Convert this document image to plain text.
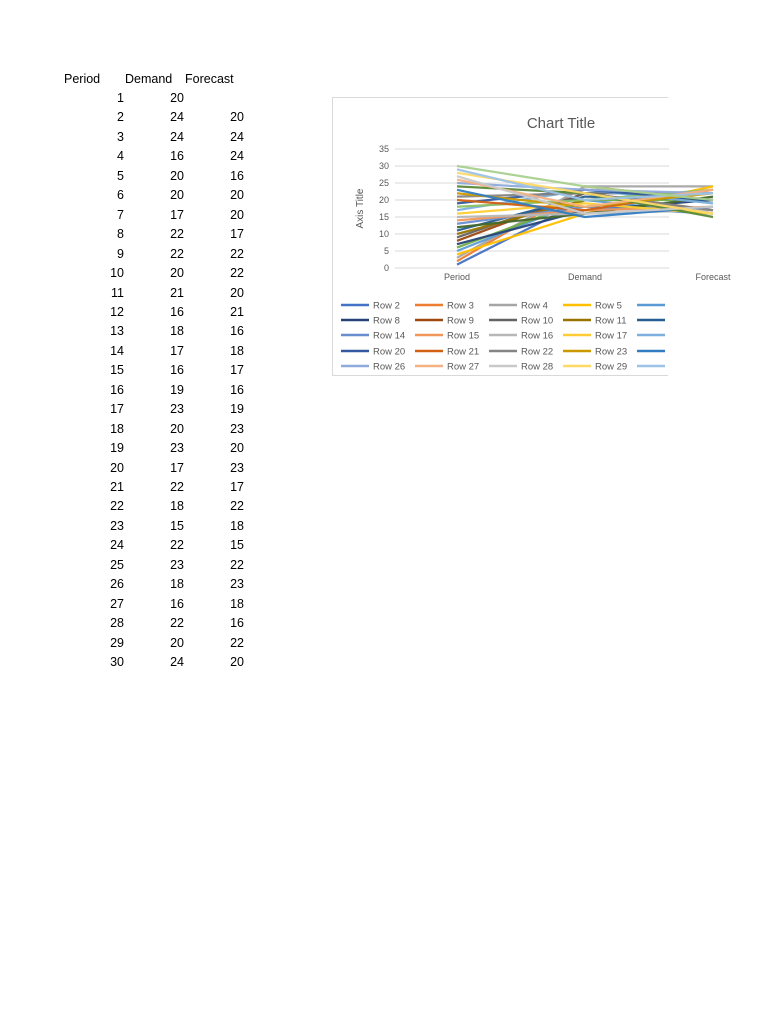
Period Demand Forecast
1	20
2	24	20
3	24	24
4	16	24
5	20	16
6	20	20
7	17	20
8	22	17
9	22	22
10	20	22
11	21	20
12	16	21
13	18	16
14	17	18
15	16	17
16	19	16
17	23	19
18	20	23
19	23	20
20	17	23
21	22	17
22	18	22
23	15	18
24	22	15
25	23	22
26	18	23
27	16	18
28	22	16
29	20	22
30	24	20
Chart Title
Axis Title
0
5
10
15
20
25
30
35
Period	Demand	Forecast
Row 2	Row 3	Row 4	Row 5
Row 8	Row 9	Row 10	Row 11
Row 14	Row 15	Row 16	Row 17
Row 20	Row 21	Row 22	Row 23
Row 26	Row 27	Row 28	Row 29
